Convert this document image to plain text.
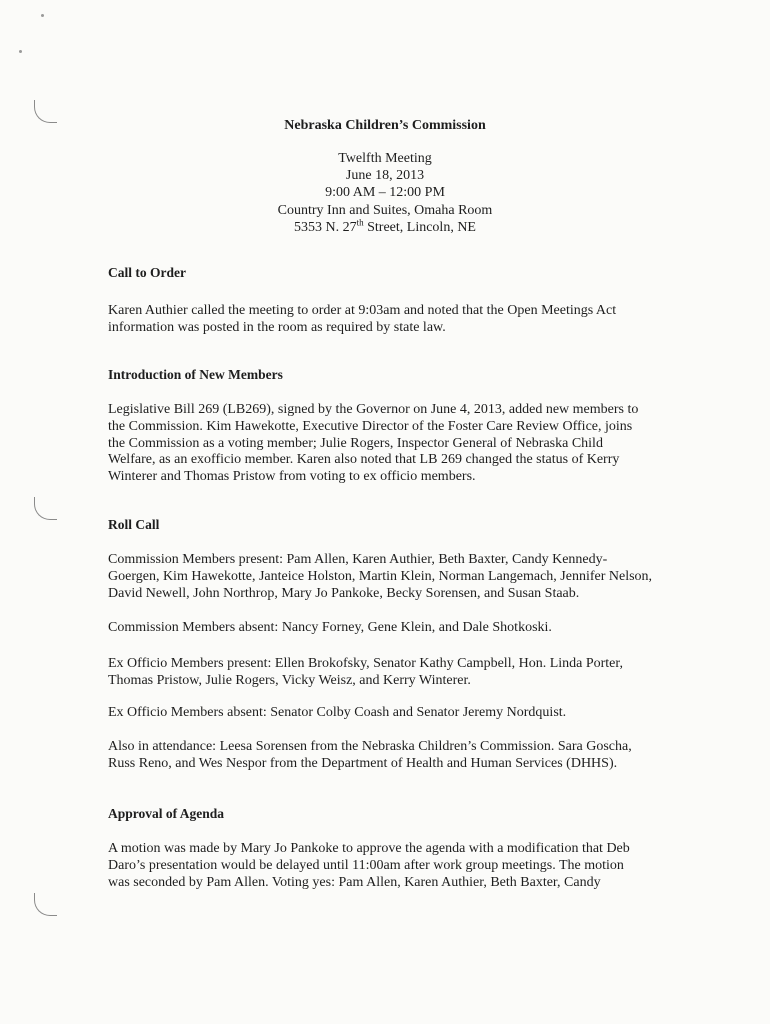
Nebraska Children’s Commission
Twelfth Meeting
June 18, 2013
9:00 AM – 12:00 PM
Country Inn and Suites, Omaha Room
5353 N. 27th Street, Lincoln, NE
Call to Order
Karen Authier called the meeting to order at 9:03am and noted that the Open Meetings Act
information was posted in the room as required by state law.
Introduction of New Members
Legislative Bill 269 (LB269), signed by the Governor on June 4, 2013, added new members to
the Commission. Kim Hawekotte, Executive Director of the Foster Care Review Office, joins
the Commission as a voting member; Julie Rogers, Inspector General of Nebraska Child
Welfare, as an exofficio member. Karen also noted that LB 269 changed the status of Kerry
Winterer and Thomas Pristow from voting to ex officio members.
Roll Call
Commission Members present: Pam Allen, Karen Authier, Beth Baxter, Candy Kennedy-
Goergen, Kim Hawekotte, Janteice Holston, Martin Klein, Norman Langemach, Jennifer Nelson,
David Newell, John Northrop, Mary Jo Pankoke, Becky Sorensen, and Susan Staab.
Commission Members absent: Nancy Forney, Gene Klein, and Dale Shotkoski.
Ex Officio Members present: Ellen Brokofsky, Senator Kathy Campbell, Hon. Linda Porter,
Thomas Pristow, Julie Rogers, Vicky Weisz, and Kerry Winterer.
Ex Officio Members absent: Senator Colby Coash and Senator Jeremy Nordquist.
Also in attendance: Leesa Sorensen from the Nebraska Children’s Commission. Sara Goscha,
Russ Reno, and Wes Nespor from the Department of Health and Human Services (DHHS).
Approval of Agenda
A motion was made by Mary Jo Pankoke to approve the agenda with a modification that Deb
Daro’s presentation would be delayed until 11:00am after work group meetings. The motion
was seconded by Pam Allen. Voting yes: Pam Allen, Karen Authier, Beth Baxter, Candy
